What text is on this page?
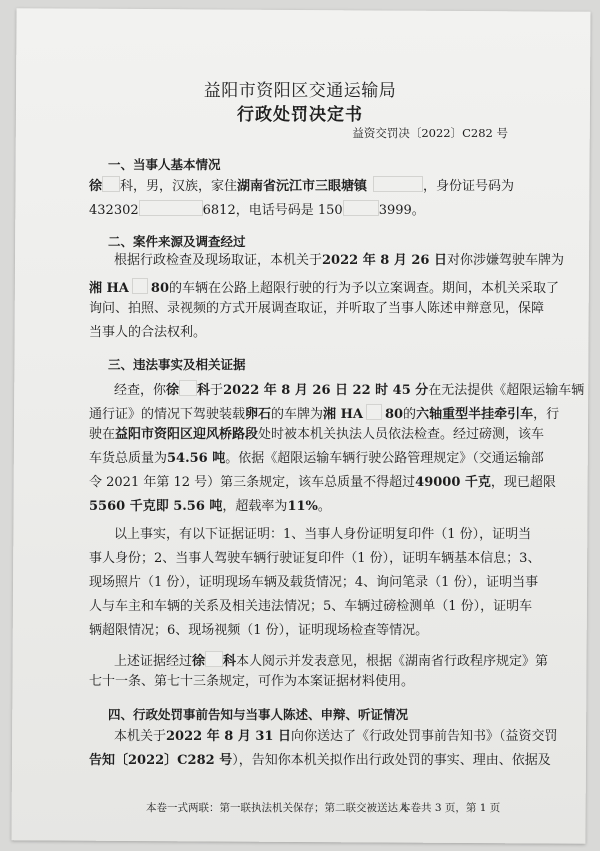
益阳市资阳区交通运输局
行政处罚决定书
益资交罚决〔2022〕C282 号
一、当事人基本情况
徐 科，男，汉族，家住湖南省沅江市三眼塘镇	，身份证号码为
432302	6812，电话号码是 150	3999。
二、案件来源及调查经过
根据行政检查及现场取证，本机关于2022 年 8 月 26 日对你涉嫌驾驶车牌为
湘 HA 80的车辆在公路上超限行驶的行为予以立案调查。期间，本机关采取了
询问、拍照、录视频的方式开展调查取证，并听取了当事人陈述申辩意见，保障
当事人的合法权利。
三、违法事实及相关证据
经查，你徐 科于2022 年 8 月 26 日 22 时 45 分在无法提供《超限运输车辆
通行证》的情况下驾驶装载卵石的车牌为湘 HA 80的六轴重型半挂牵引车，行
驶在益阳市资阳区迎风桥路段处时被本机关执法人员依法检查。经过磅测，该车
车货总质量为54.56 吨。依据《超限运输车辆行驶公路管理规定》（交通运输部
令 2021 年第 12 号）第三条规定，该车总质量不得超过49000 千克，现已超限
5560 千克即 5.56 吨，超载率为11%。
以上事实，有以下证据证明：1、当事人身份证明复印件（1 份），证明当
事人身份；2、当事人驾驶车辆行驶证复印件（1 份），证明车辆基本信息；3、
现场照片（1 份），证明现场车辆及载货情况；4、询问笔录（1 份），证明当事
人与车主和车辆的关系及相关违法情况；5、车辆过磅检测单（1 份），证明车
辆超限情况；6、现场视频（1 份），证明现场检查等情况。
上述证据经过徐 科本人阅示并发表意见，根据《湖南省行政程序规定》第
七十一条、第七十三条规定，可作为本案证据材料使用。
四、行政处罚事前告知与当事人陈述、申辩、听证情况
本机关于2022 年 8 月 31 日向你送达了《行政处罚事前告知书》（益资交罚
告知〔2022〕C282 号），告知你本机关拟作出行政处罚的事实、理由、依据及
本卷一式两联：第一联执法机关保存；第二联交被送达人
本卷共 3 页，第 1 页
